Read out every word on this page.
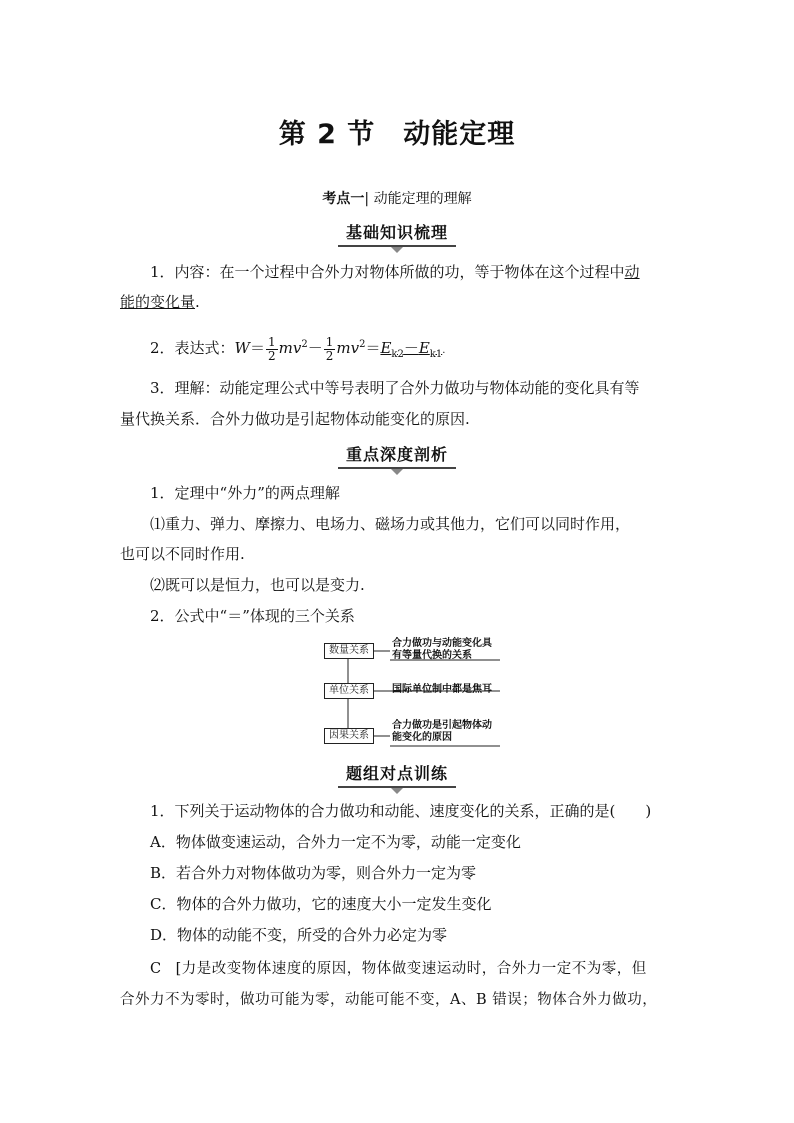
第 2 节　动能定理
考点一| 动能定理的理解
基础知识梳理
1．内容：在一个过程中合外力对物体所做的功，等于物体在这个过程中动
能的变化量.
2．表达式：$W= \frac{1}{2} mv^2- \frac{1}{2} mv^2=E_{k2}-E_{k1}$.
3．理解：动能定理公式中等号表明了合外力做功与物体动能的变化具有等
量代换关系．合外力做功是引起物体动能变化的原因.
重点深度剖析
1．定理中“外力”的两点理解
⑴重力、弹力、摩擦力、电场力、磁场力或其他力，它们可以同时作用，
也可以不同时作用.
⑵既可以是恒力，也可以是变力.
2．公式中“＝”体现的三个关系
数量关系
合力做功与动能变化具
有等量代换的关系
单位关系	国际单位制中都是焦耳
因果关系
合力做功是引起物体动
能变化的原因
题组对点训练
1．下列关于运动物体的合力做功和动能、速度变化的关系，正确的是(　　)
A．物体做变速运动，合外力一定不为零，动能一定变化
B．若合外力对物体做功为零，则合外力一定为零
C．物体的合外力做功，它的速度大小一定发生变化
D．物体的动能不变，所受的合外力必定为零
C [力是改变物体速度的原因，物体做变速运动时，合外力一定不为零，但
合外力不为零时，做功可能为零，动能可能不变，A、B 错误；物体合外力做功，
